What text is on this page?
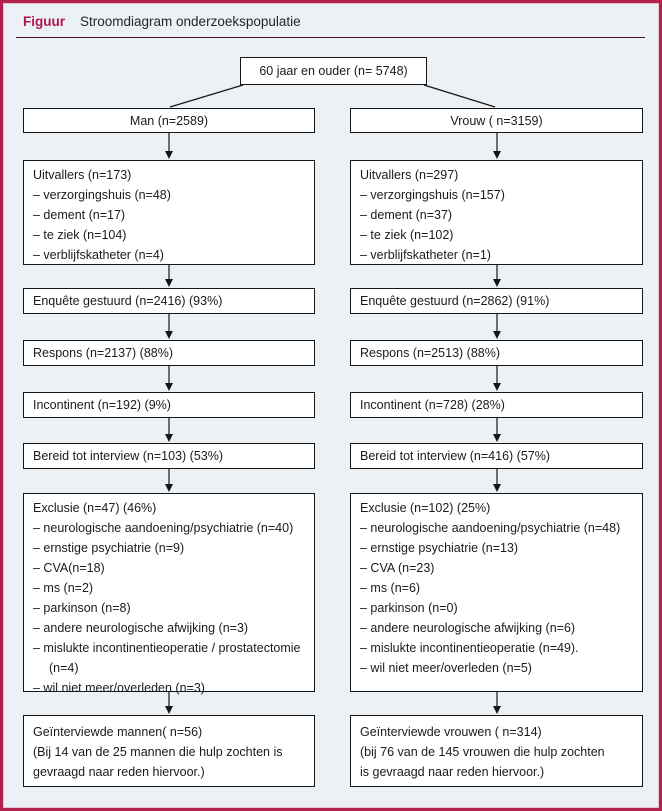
Figuur Stroomdiagram onderzoekspopulatie
60 jaar en ouder (n= 5748)
Man (n=2589)
Uitvallers (n=173)
– verzorgingshuis (n=48)
– dement (n=17)
– te ziek (n=104)
– verblijfskatheter (n=4)
Enquête gestuurd (n=2416) (93%)
Respons (n=2137) (88%)
Incontinent (n=192) (9%)
Bereid tot interview (n=103) (53%)
Exclusie (n=47) (46%)
– neurologische aandoening/psychiatrie (n=40)
– ernstige psychiatrie (n=9)
– CVA(n=18)
– ms (n=2)
– parkinson (n=8)
– andere neurologische afwijking (n=3)
– mislukte incontinentieoperatie / prostatectomie (n=4)
– wil niet meer/overleden (n=3)
Geïnterviewde mannen( n=56)
(Bij 14 van de 25 mannen die hulp zochten is
gevraagd naar reden hiervoor.)
Vrouw ( n=3159)
Uitvallers (n=297)
– verzorgingshuis (n=157)
– dement (n=37)
– te ziek (n=102)
– verblijfskatheter (n=1)
Enquête gestuurd (n=2862) (91%)
Respons (n=2513) (88%)
Incontinent (n=728) (28%)
Bereid tot interview (n=416) (57%)
Exclusie (n=102) (25%)
– neurologische aandoening/psychiatrie (n=48)
– ernstige psychiatrie (n=13)
– CVA (n=23)
– ms (n=6)
– parkinson (n=0)
– andere neurologische afwijking (n=6)
– mislukte incontinentieoperatie (n=49).
– wil niet meer/overleden (n=5)
Geïnterviewde vrouwen ( n=314)
(bij 76 van de 145 vrouwen die hulp zochten
is gevraagd naar reden hiervoor.)
